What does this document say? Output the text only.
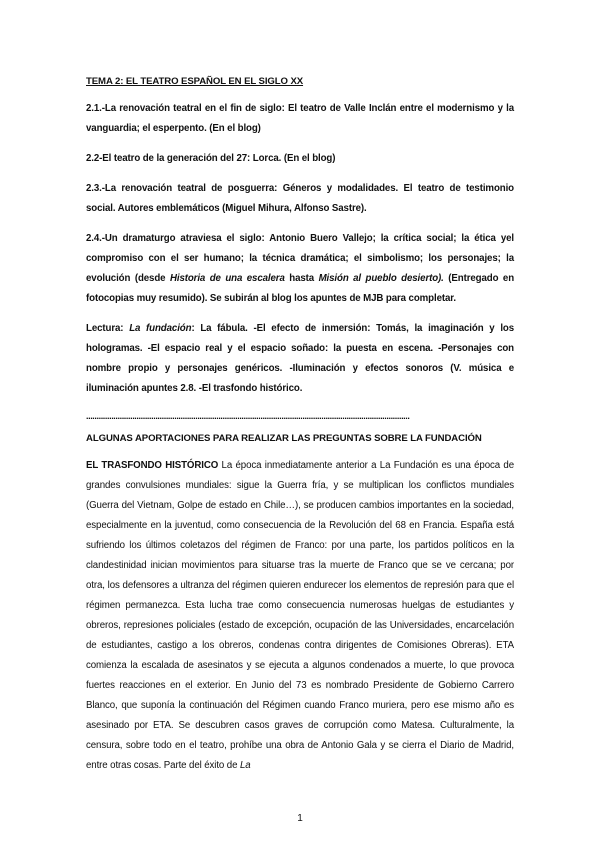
TEMA 2: EL TEATRO ESPAÑOL EN EL SIGLO XX

2.1.-La renovación teatral en el fin de siglo: El teatro de Valle Inclán entre el modernismo y la vanguardia; el esperpento. (En el blog)

2.2-El teatro de la generación del 27: Lorca. (En el blog)

2.3.-La renovación teatral de posguerra: Géneros y modalidades. El teatro de testimonio social. Autores emblemáticos (Miguel Mihura, Alfonso Sastre).

2.4.-Un dramaturgo atraviesa el siglo: Antonio Buero Vallejo; la crítica social; la ética yel compromiso con el ser humano; la técnica dramática; el simbolismo; los personajes; la evolución (desde Historia de una escalera hasta Misión al pueblo desierto). (Entregado en fotocopias muy resumido). Se subirán al blog los apuntes de MJB para completar.

Lectura: La fundación: La fábula. -El efecto de inmersión: Tomás, la imaginación y los hologramas. -El espacio real y el espacio soñado: la puesta en escena. -Personajes con nombre propio y personajes genéricos. -Iluminación y efectos sonoros (V. música e iluminación apuntes 2.8. -El trasfondo histórico.

..........................................................................................................................................................
ALGUNAS APORTACIONES PARA REALIZAR LAS PREGUNTAS SOBRE LA FUNDACIÓN

EL TRASFONDO HISTÓRICO La época inmediatamente anterior a La Fundación es una época de grandes convulsiones mundiales: sigue la Guerra fría, y se multiplican los conflictos mundiales (Guerra del Vietnam, Golpe de estado en Chile…), se producen cambios importantes en la sociedad, especialmente en la juventud, como consecuencia de la Revolución del 68 en Francia. España está sufriendo los últimos coletazos del régimen de Franco: por una parte, los partidos políticos en la clandestinidad inician movimientos para situarse tras la muerte de Franco que se ve cercana; por otra, los defensores a ultranza del régimen quieren endurecer los elementos de represión para que el régimen permanezca. Esta lucha trae como consecuencia numerosas huelgas de estudiantes y obreros, represiones policiales (estado de excepción, ocupación de las Universidades, encarcelación de estudiantes, castigo a los obreros, condenas contra dirigentes de Comisiones Obreras). ETA comienza la escalada de asesinatos y se ejecuta a algunos condenados a muerte, lo que provoca fuertes reacciones en el exterior. En Junio del 73 es nombrado Presidente de Gobierno Carrero Blanco, que suponía la continuación del Régimen cuando Franco muriera, pero ese mismo año es asesinado por ETA. Se descubren casos graves de corrupción como Matesa. Culturalmente, la censura, sobre todo en el teatro, prohíbe una obra de Antonio Gala y se cierra el Diario de Madrid, entre otras cosas. Parte del éxito de La

1
